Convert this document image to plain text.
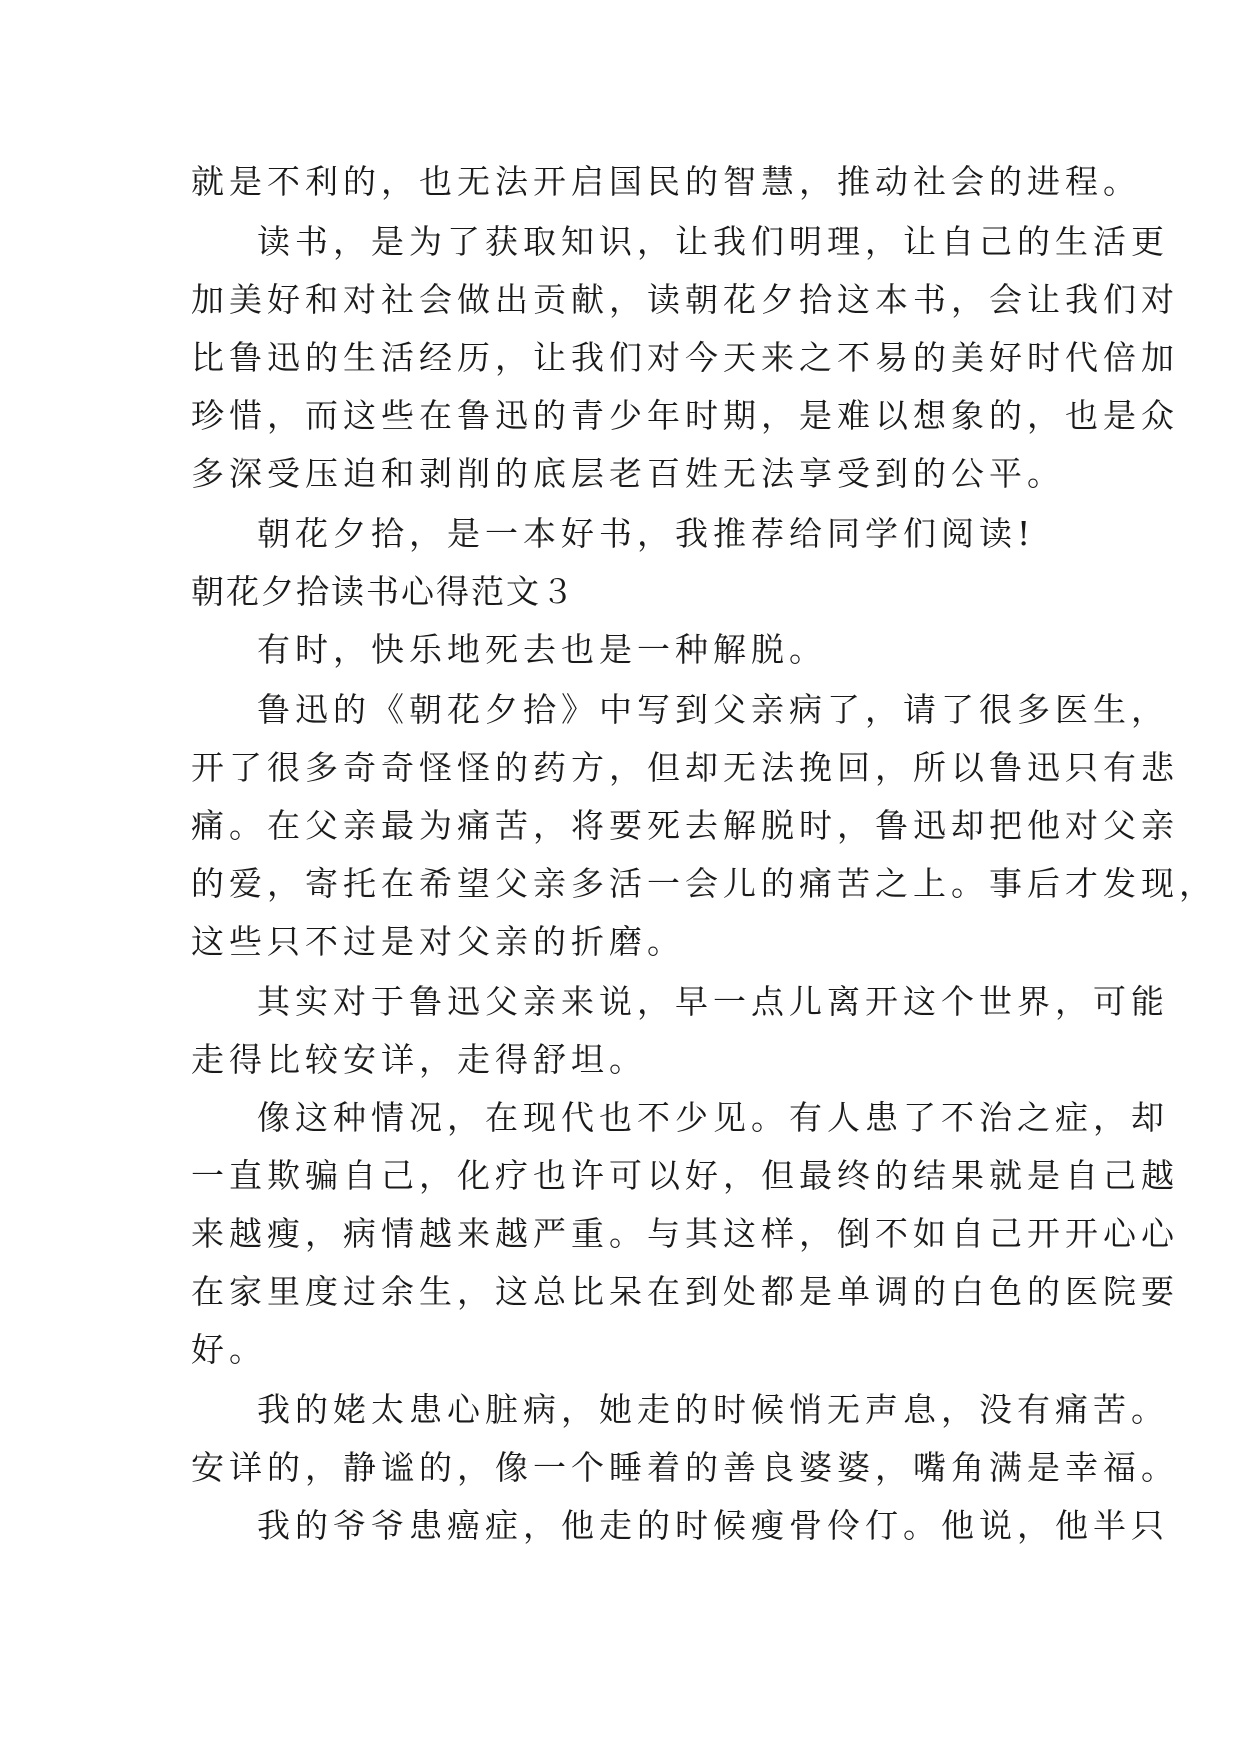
就是不利的，也无法开启国民的智慧，推动社会的进程。
读书，是为了获取知识，让我们明理，让自己的生活更
加美好和对社会做出贡献，读朝花夕拾这本书，会让我们对
比鲁迅的生活经历，让我们对今天来之不易的美好时代倍加
珍惜，而这些在鲁迅的青少年时期，是难以想象的，也是众
多深受压迫和剥削的底层老百姓无法享受到的公平。
朝花夕拾，是一本好书，我推荐给同学们阅读!
朝花夕拾读书心得范文３
有时，快乐地死去也是一种解脱。
鲁迅的《朝花夕拾》中写到父亲病了，请了很多医生，
开了很多奇奇怪怪的药方，但却无法挽回，所以鲁迅只有悲
痛。在父亲最为痛苦，将要死去解脱时，鲁迅却把他对父亲
的爱，寄托在希望父亲多活一会儿的痛苦之上。事后才发现，
这些只不过是对父亲的折磨。
其实对于鲁迅父亲来说，早一点儿离开这个世界，可能
走得比较安详，走得舒坦。
像这种情况，在现代也不少见。有人患了不治之症，却
一直欺骗自己，化疗也许可以好，但最终的结果就是自己越
来越瘦，病情越来越严重。与其这样，倒不如自己开开心心
在家里度过余生，这总比呆在到处都是单调的白色的医院要
好。
我的姥太患心脏病，她走的时候悄无声息，没有痛苦。
安详的，静谧的，像一个睡着的善良婆婆，嘴角满是幸福。
我的爷爷患癌症，他走的时候瘦骨伶仃。他说，他半只
